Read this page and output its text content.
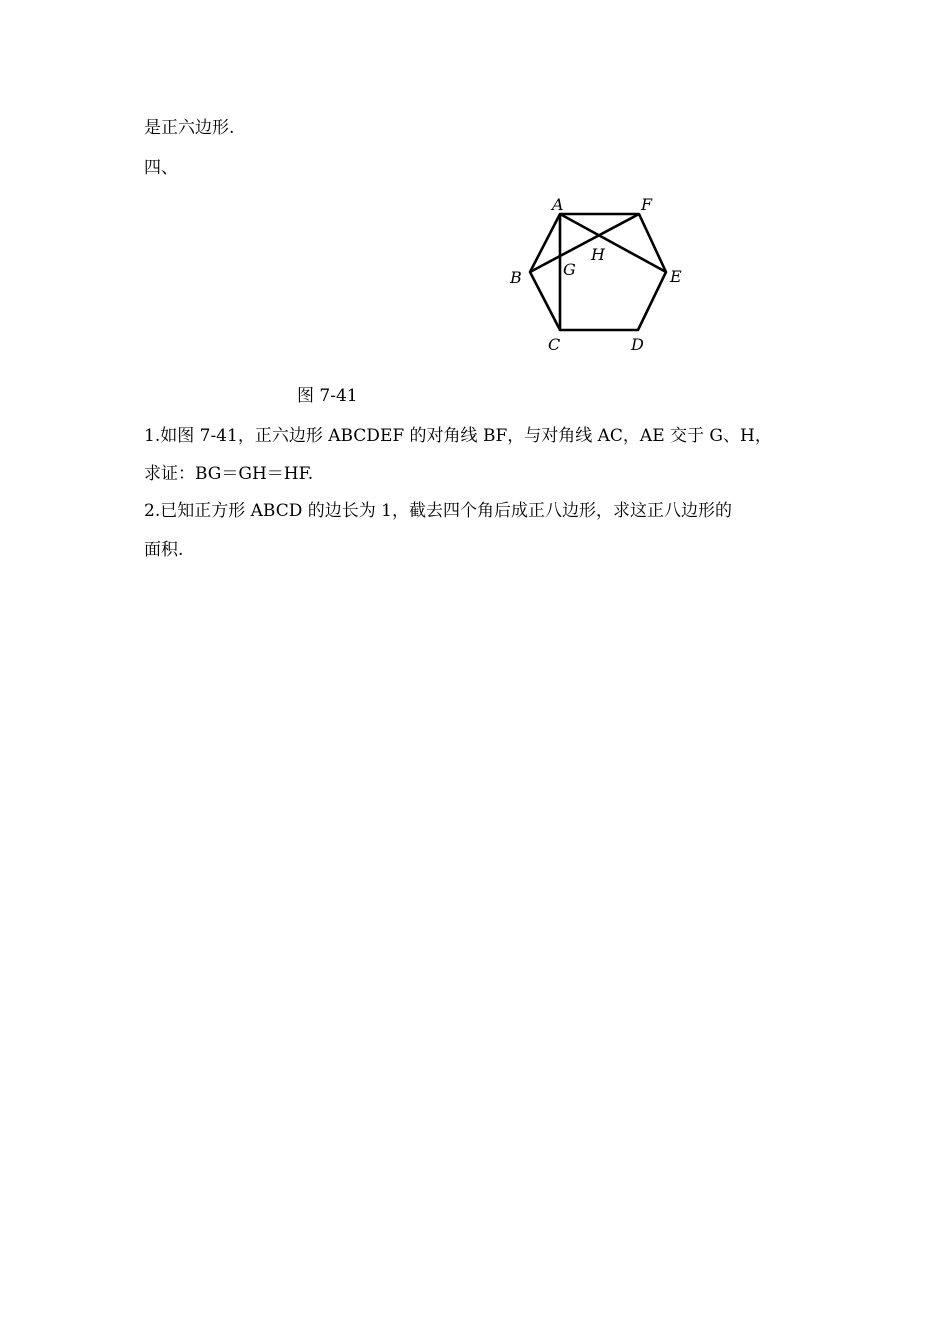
是正六边形.
四、
A	F
H
G
B	E
C	D
图 7-41
1.如图 7-41，正六边形 ABCDEF 的对角线 BF，与对角线 AC，AE 交于 G、H，
求证：BG＝GH＝HF.
2.已知正方形 ABCD 的边长为 1，截去四个角后成正八边形，求这正八边形的
面积.
